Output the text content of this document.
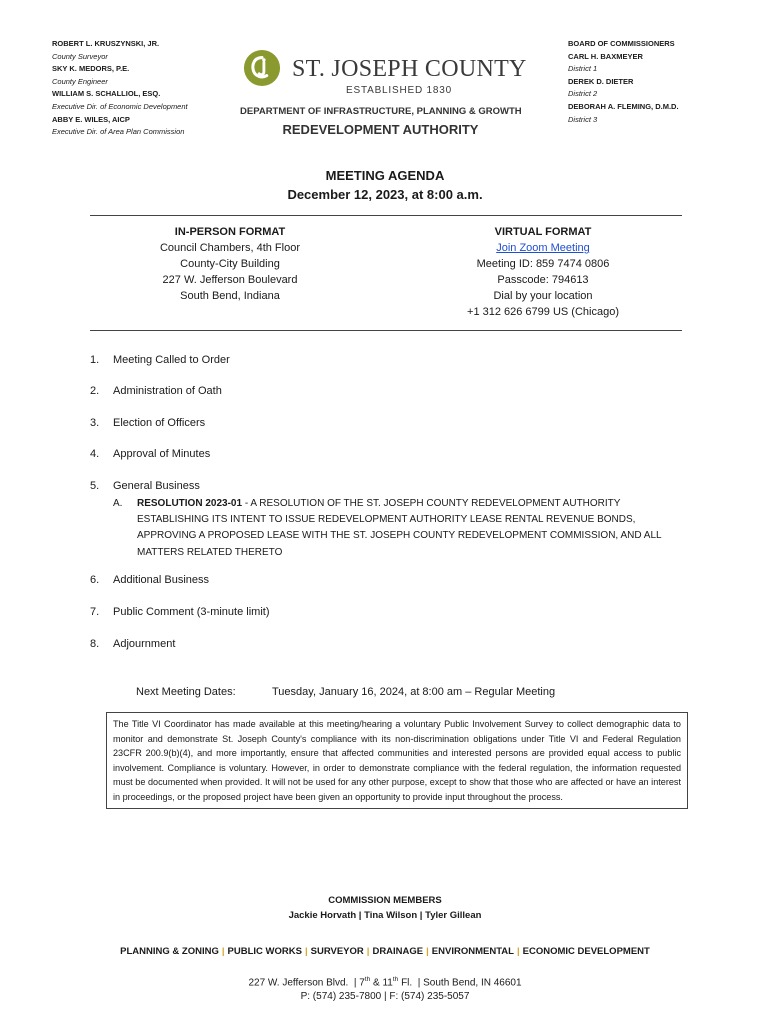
ROBERT L. KRUSZYNSKI, JR.
County Surveyor
SKY K. MEDORS, P.E.
County Engineer
WILLIAM S. SCHALLIOL, ESQ.
Executive Dir. of Economic Development
ABBY E. WILES, AICP
Executive Dir. of Area Plan Commission
ST. JOSEPH COUNTY
ESTABLISHED 1830
DEPARTMENT OF INFRASTRUCTURE, PLANNING & GROWTH
REDEVELOPMENT AUTHORITY
BOARD OF COMMISSIONERS
CARL H. BAXMEYER
District 1
DEREK D. DIETER
District 2
DEBORAH A. FLEMING, D.M.D.
District 3
MEETING AGENDA
December 12, 2023, at 8:00 a.m.
IN-PERSON FORMAT
Council Chambers, 4th Floor
County-City Building
227 W. Jefferson Boulevard
South Bend, Indiana
VIRTUAL FORMAT
Join Zoom Meeting
Meeting ID: 859 7474 0806
Passcode: 794613
Dial by your location
+1 312 626 6799 US (Chicago)
1. Meeting Called to Order
2. Administration of Oath
3. Election of Officers
4. Approval of Minutes
5. General Business
A. RESOLUTION 2023-01 - A RESOLUTION OF THE ST. JOSEPH COUNTY REDEVELOPMENT AUTHORITY ESTABLISHING ITS INTENT TO ISSUE REDEVELOPMENT AUTHORITY LEASE RENTAL REVENUE BONDS, APPROVING A PROPOSED LEASE WITH THE ST. JOSEPH COUNTY REDEVELOPMENT COMMISSION, AND ALL MATTERS RELATED THERETO
6. Additional Business
7. Public Comment (3-minute limit)
8. Adjournment
Next Meeting Dates:	Tuesday, January 16, 2024, at 8:00 am – Regular Meeting
The Title VI Coordinator has made available at this meeting/hearing a voluntary Public Involvement Survey to collect demographic data to monitor and demonstrate St. Joseph County's compliance with its non-discrimination obligations under Title VI and Federal Regulation 23CFR 200.9(b)(4), and more importantly, ensure that affected communities and interested persons are provided equal access to public involvement. Compliance is voluntary. However, in order to demonstrate compliance with the federal regulation, the information requested must be documented when provided. It will not be used for any other purpose, except to show that those who are affected or have an interest in proceedings, or the proposed project have been given an opportunity to provide input throughout the process.
COMMISSION MEMBERS
Jackie Horvath | Tina Wilson | Tyler Gillean
PLANNING & ZONING | PUBLIC WORKS | SURVEYOR | DRAINAGE | ENVIRONMENTAL | ECONOMIC DEVELOPMENT
227 W. Jefferson Blvd.  | 7th & 11th Fl.  | South Bend, IN 46601
P: (574) 235-7800 | F: (574) 235-5057
